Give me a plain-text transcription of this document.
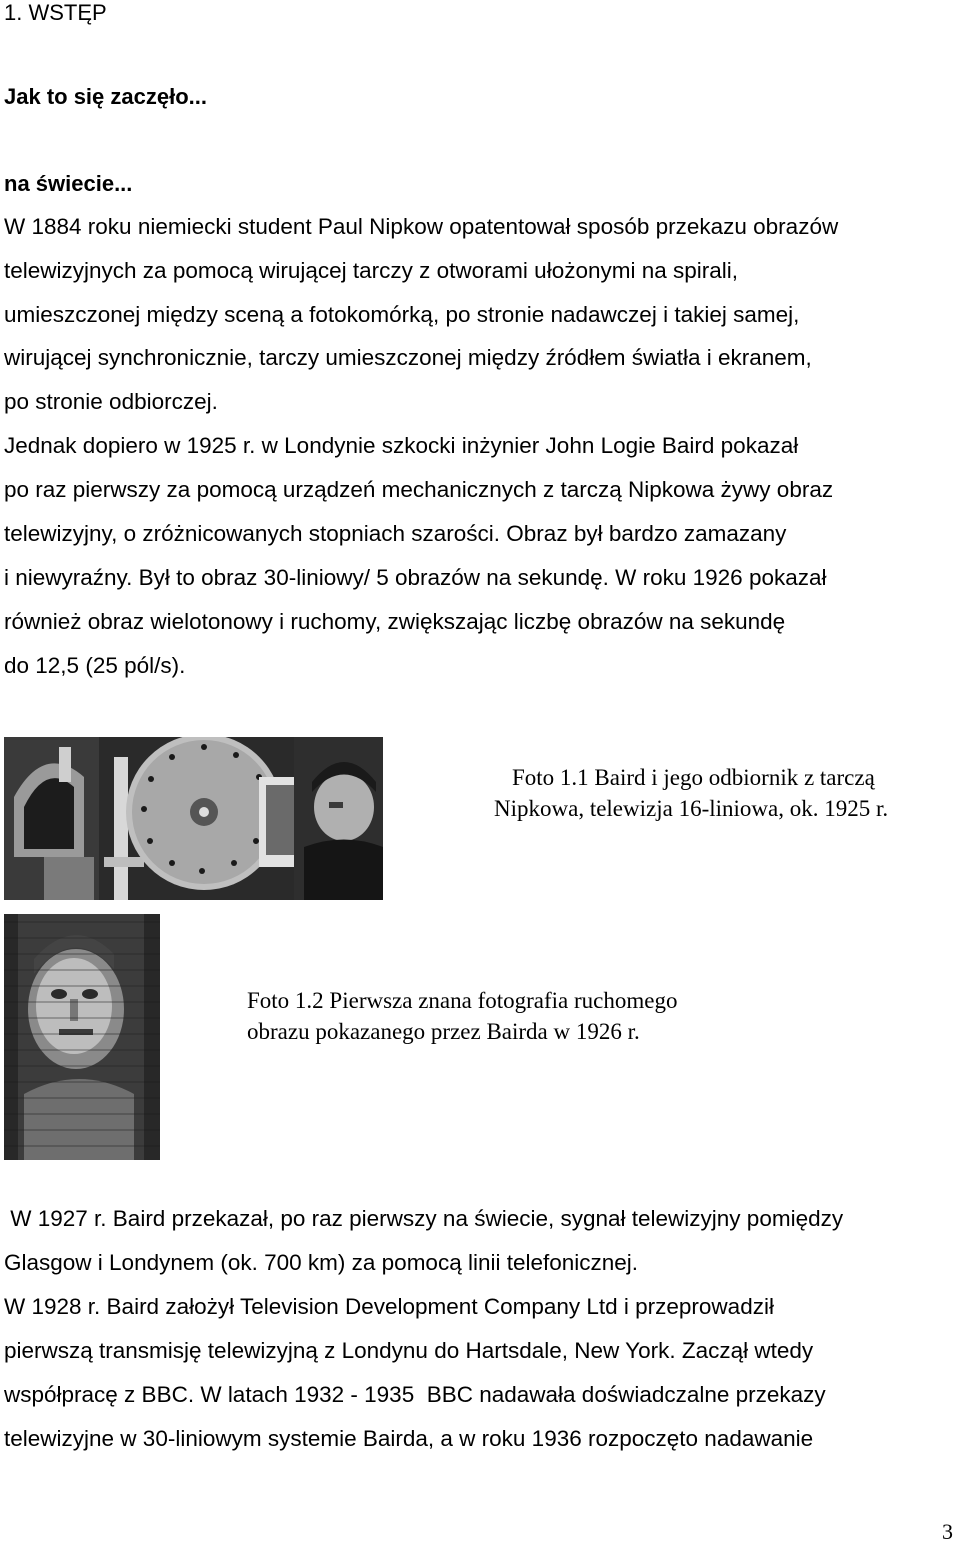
1. WSTĘP
Jak to się zaczęło...
na świecie...
W 1884 roku niemiecki student Paul Nipkow opatentował sposób przekazu obrazów
telewizyjnych za pomocą wirującej tarczy z otworami ułożonymi na spirali,
umieszczonej między sceną a fotokomórką, po stronie nadawczej i takiej samej,
wirującej synchronicznie, tarczy umieszczonej między źródłem światła i ekranem,
po stronie odbiorczej.
Jednak dopiero w 1925 r. w Londynie szkocki inżynier John Logie Baird pokazał
po raz pierwszy za pomocą urządzeń mechanicznych z tarczą Nipkowa żywy obraz
telewizyjny, o zróżnicowanych stopniach szarości. Obraz był bardzo zamazany
i niewyraźny. Był to obraz 30-liniowy/ 5 obrazów na sekundę. W roku 1926 pokazał
również obraz wielotonowy i ruchomy, zwiększając liczbę obrazów na sekundę
do 12,5 (25 pól/s).
Foto 1.1 Baird i jego odbiornik z tarczą
Nipkowa, telewizja 16-liniowa, ok. 1925 r.
Foto 1.2 Pierwsza znana fotografia ruchomego
obrazu pokazanego przez Bairda w 1926 r.
W 1927 r. Baird przekazał, po raz pierwszy na świecie, sygnał telewizyjny pomiędzy
Glasgow i Londynem (ok. 700 km) za pomocą linii telefonicznej.
W 1928 r. Baird założył Television Development Company Ltd i przeprowadził
pierwszą transmisję telewizyjną z Londynu do Hartsdale, New York. Zaczął wtedy
współpracę z BBC. W latach 1932 - 1935  BBC nadawała doświadczalne przekazy
telewizyjne w 30-liniowym systemie Bairda, a w roku 1936 rozpoczęto nadawanie
3
